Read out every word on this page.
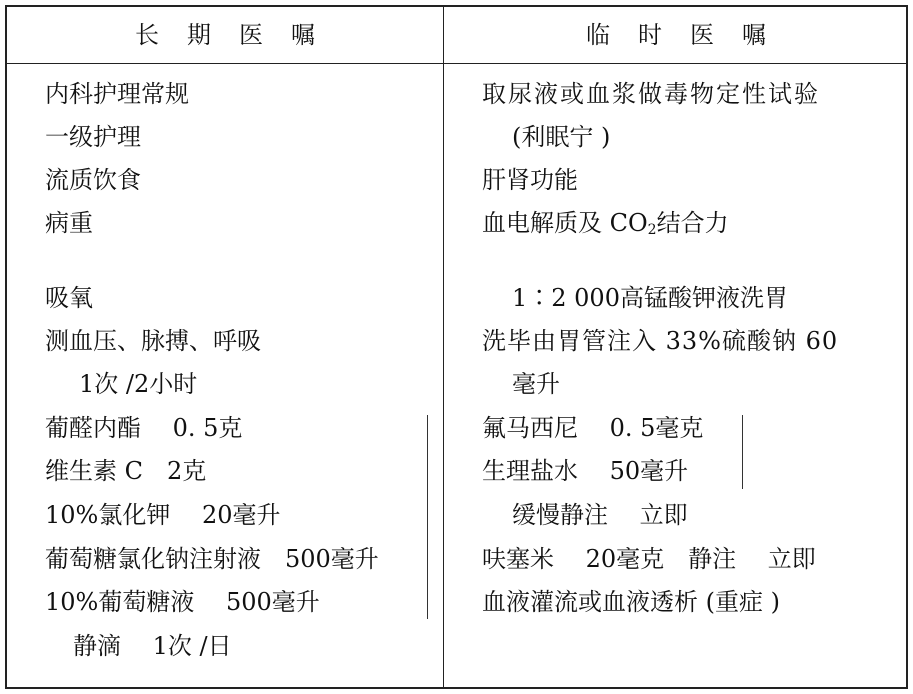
长 期 医 嘱	临 时 医 嘱
内科护理常规
一级护理
流质饮食
病重
吸氧
测血压、脉搏、呼吸
1次 /2小时
葡醛内酯　 0. 5克
维生素 C　2克
10%氯化钾　 20毫升
葡萄糖氯化钠注射液　500毫升
10%葡萄糖液　 500毫升
静滴　 1次 /日
取尿液或血浆做毒物定性试验
(利眠宁 )
肝肾功能
血电解质及 $CO_2$结合力
1∶2 000高锰酸钾液洗胃
洗毕由胃管注入 33%硫酸钠 60
毫升
氟马西尼　 0. 5毫克
生理盐水　 50毫升
缓慢静注　 立即
呋塞米　 20毫克　静注　 立即
血液灌流或血液透析 (重症 )
